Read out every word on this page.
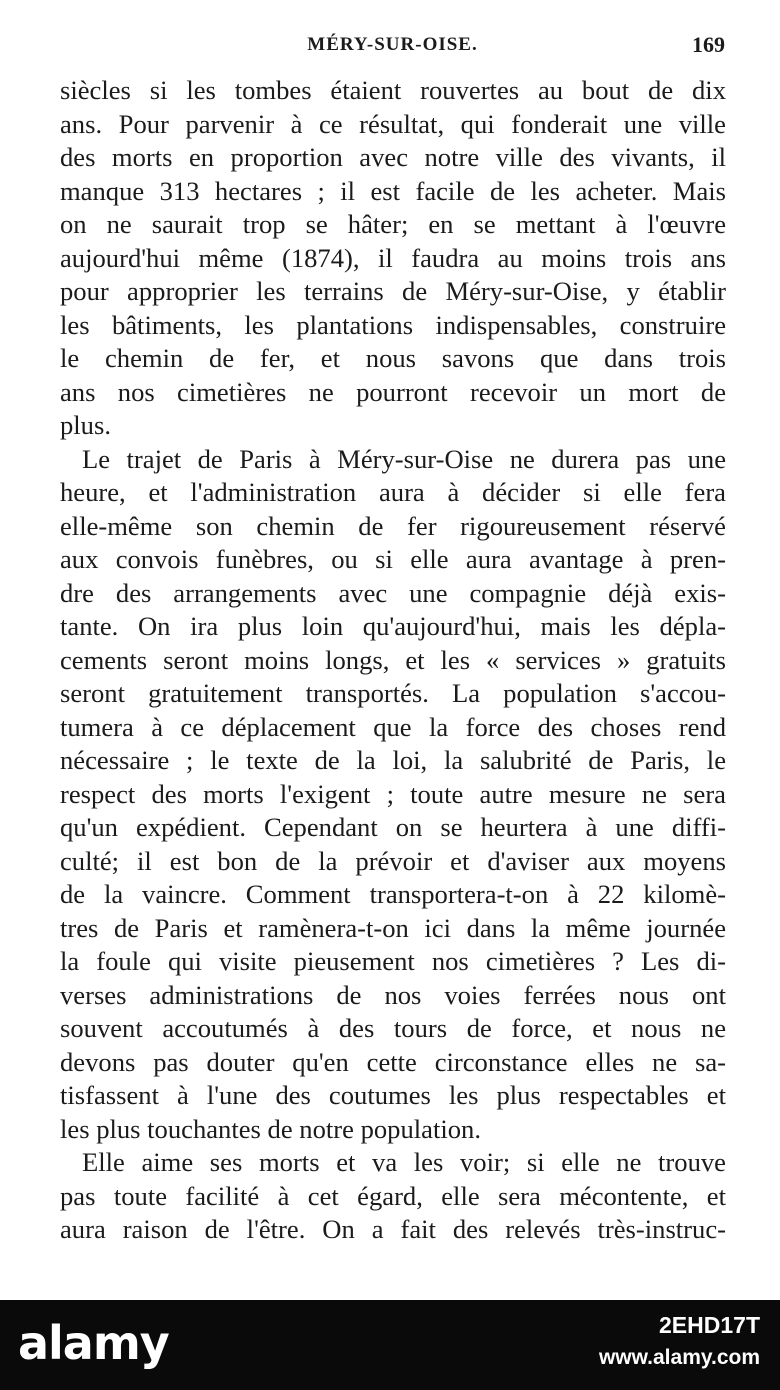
MÉRY-SUR-OISE.	169
siècles si les tombes étaient rouvertes au bout de dix
ans. Pour parvenir à ce résultat, qui fonderait une ville
des morts en proportion avec notre ville des vivants, il
manque 313 hectares ; il est facile de les acheter. Mais
on ne saurait trop se hâter; en se mettant à l'œuvre
aujourd'hui même (1874), il faudra au moins trois ans
pour approprier les terrains de Méry-sur-Oise, y établir
les bâtiments, les plantations indispensables, construire
le chemin de fer, et nous savons que dans trois
ans nos cimetières ne pourront recevoir un mort de
plus.
Le trajet de Paris à Méry-sur-Oise ne durera pas une
heure, et l'administration aura à décider si elle fera
elle-même son chemin de fer rigoureusement réservé
aux convois funèbres, ou si elle aura avantage à pren-
dre des arrangements avec une compagnie déjà exis-
tante. On ira plus loin qu'aujourd'hui, mais les dépla-
cements seront moins longs, et les « services » gratuits
seront gratuitement transportés. La population s'accou-
tumera à ce déplacement que la force des choses rend
nécessaire ; le texte de la loi, la salubrité de Paris, le
respect des morts l'exigent ; toute autre mesure ne sera
qu'un expédient. Cependant on se heurtera à une diffi-
culté; il est bon de la prévoir et d'aviser aux moyens
de la vaincre. Comment transportera-t-on à 22 kilomè-
tres de Paris et ramènera-t-on ici dans la même journée
la foule qui visite pieusement nos cimetières ? Les di-
verses administrations de nos voies ferrées nous ont
souvent accoutumés à des tours de force, et nous ne
devons pas douter qu'en cette circonstance elles ne sa-
tisfassent à l'une des coutumes les plus respectables et
les plus touchantes de notre population.
Elle aime ses morts et va les voir; si elle ne trouve
pas toute facilité à cet égard, elle sera mécontente, et
aura raison de l'être. On a fait des relevés très-instruc-
alamy	2EHD17T
www.alamy.com
